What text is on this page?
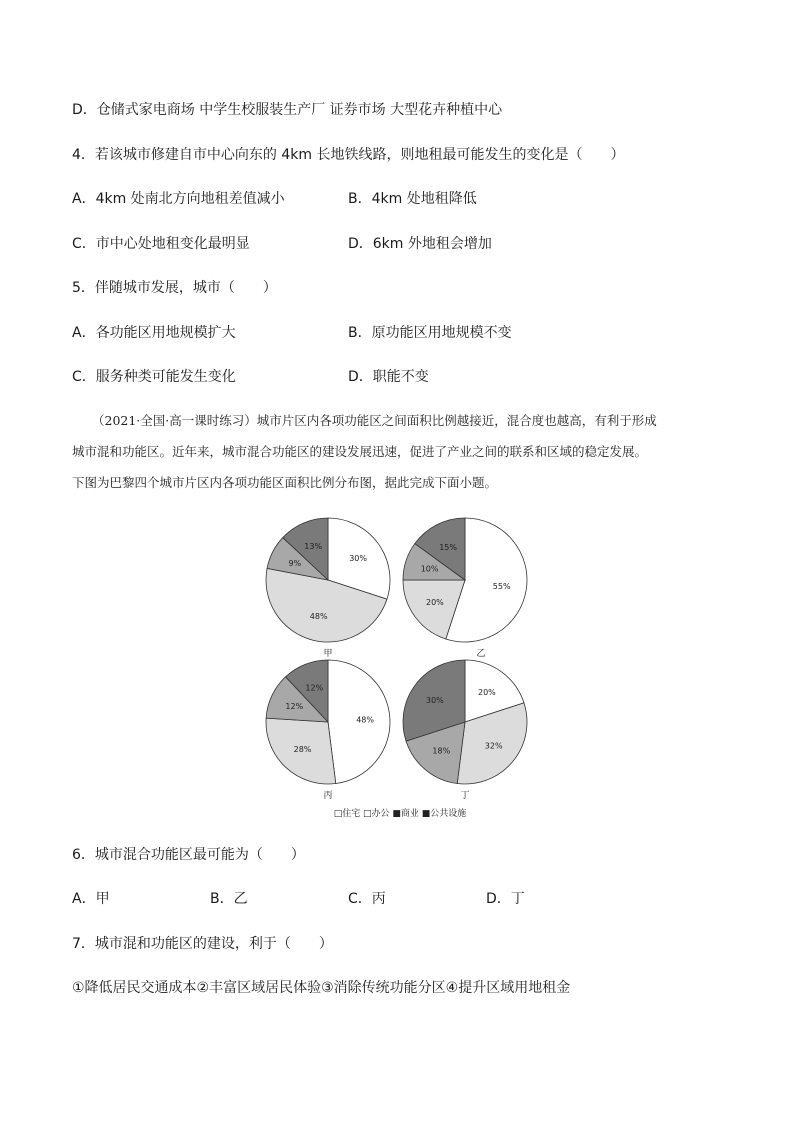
D．仓储式家电商场 中学生校服装生产厂 证券市场 大型花卉种植中心
4．若该城市修建自市中心向东的 4km 长地铁线路，则地租最可能发生的变化是（　　）
A．4km 处南北方向地租差值减小	B．4km 处地租降低
C．市中心处地租变化最明显	D．6km 外地租会增加
5．伴随城市发展，城市（　　）
A．各功能区用地规模扩大	B．原功能区用地规模不变
C．服务种类可能发生变化	D．职能不变
（2021·全国·高一课时练习）城市片区内各项功能区之间面积比例越接近，混合度也越高，有利于形成
城市混和功能区。近年来，城市混合功能区的建设发展迅速，促进了产业之间的联系和区域的稳定发展。
下图为巴黎四个城市片区内各项功能区面积比例分布图，据此完成下面小题。
30%
48%
9%
13%
甲
55%
20%
10%
15%
乙
48%
28%
12%
12%
丙
20%
32%
18%
30%
丁
□住宅 □办公 ■商业 ■公共设施
6．城市混合功能区最可能为（　　）
A．甲	B．乙	C．丙	D．丁
7．城市混和功能区的建设，利于（　　）
①降低居民交通成本②丰富区域居民体验③消除传统功能分区④提升区域用地租金
